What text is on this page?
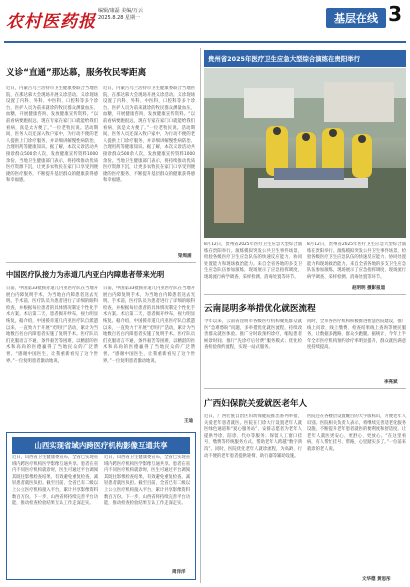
农村医药报
编辑/康磊 美编/万云
2025.8.28 星期一	基层在线 3
义诊“直通”那达慕，服务牧民零距离
近日，内蒙古乌兰浩特市卫生健康委联合当地医院，在那达慕大会现场开展义诊活动。义诊现场设置了内科、外科、中医科、口腔科等多个诊台，医护人员为前来就诊的牧民群众测量血压、血糖，开展健康咨询，发放健康宣传资料。“以前看病要跑很远，现在专家在家门口就能给我们看病，真是太方便了。”一位老牧民说。活动期间，医务人员还深入牧户家中，为行动不便的老人提供上门诊疗服务，并详细讲解慢性病防治、合理用药等健康知识。据了解，本次义诊活动共接诊群众500余人次，发放健康宣传资料1000余份。当地卫生健康部门表示，将持续推动优质医疗资源下沉，让更多农牧民在家门口享受到便捷的医疗服务，不断提升基层群众的健康获得感和幸福感。
近日，内蒙古乌兰浩特市卫生健康委联合当地医院，在那达慕大会现场开展义诊活动。义诊现场设置了内科、外科、中医科、口腔科等多个诊台，医护人员为前来就诊的牧民群众测量血压、血糖，开展健康咨询，发放健康宣传资料。“以前看病要跑很远，现在专家在家门口就能给我们看病，真是太方便了。”一位老牧民说。活动期间，医务人员还深入牧户家中，为行动不便的老人提供上门诊疗服务，并详细讲解慢性病防治、合理用药等健康知识。据了解，本次义诊活动共接诊群众500余人次，发放健康宣传资料1000余份。当地卫生健康部门表示，将持续推动优质医疗资源下沉，让更多农牧民在家门口享受到便捷的医疗服务，不断提升基层群众的健康获得感和幸福感。
梁周浦
中国医疗队接力为赤道几内亚白内障患者带来光明
日前，中国第33批援赤道几内亚医疗队在当地开展白内障复明手术，为当地白内障患者送去光明。手术前，医疗队员为患者进行了详细的眼科检查，并根据每位患者的具体情况制定个性化手术方案。术后第二天，患者揭开纱布，视力明显恢复。据介绍，中国援赤道几内亚医疗队自派遣以来，一直致力于开展“光明行”活动，累计为当地数百名白内障患者实施了复明手术。医疗队员们克服语言不通、条件艰苦等困难，以精湛的医术和高尚的医德赢得了当地民众的广泛赞誉。“感谢中国医生，让我重新看见了这个世界。”一位复明患者激动地说。
日前，中国第33批援赤道几内亚医疗队在当地开展白内障复明手术，为当地白内障患者送去光明。手术前，医疗队员为患者进行了详细的眼科检查，并根据每位患者的具体情况制定个性化手术方案。术后第二天，患者揭开纱布，视力明显恢复。据介绍，中国援赤道几内亚医疗队自派遣以来，一直致力于开展“光明行”活动，累计为当地数百名白内障患者实施了复明手术。医疗队员们克服语言不通、条件艰苦等困难，以精湛的医术和高尚的医德赢得了当地民众的广泛赞誉。“感谢中国医生，让我重新看见了这个世界。”一位复明患者激动地说。
王迪
山西实现省域内跨医疗机构影像互通共享
近日，山西省卫生健康委宣布，全省已实现省域内跨医疗机构医学影像互通共享。患者在省内不同医疗机构就诊时，医生可通过平台调阅其既往影像检查结果，有效避免重复检查，减轻患者就医负担。截至目前，全省已有二级以上公立医疗机构接入平台，累计共享影像资料数百万份。下一步，山西省将持续完善平台功能，推动检查检验结果互认工作走深走实。
近日，山西省卫生健康委宣布，全省已实现省域内跨医疗机构医学影像互通共享。患者在省内不同医疗机构就诊时，医生可通过平台调阅其既往影像检查结果，有效避免重复检查，减轻患者就医负担。截至目前，全省已有二级以上公立医疗机构接入平台，累计共享影像资料数百万份。下一步，山西省将持续完善平台功能，推动检查检验结果互认工作走深走实。
周洋洋
贵州省2025年医疗卫生应急大型综合演练在贵阳举行
8月12日，贵州省2025年医疗卫生应急大型综合演练在贵阳举行。演练模拟突发公共卫生事件场景，检验各级医疗卫生应急队伍的快速反应能力、协同处置能力和现场救治能力。来自全省各地的多支卫生应急队伍参加演练，现场展示了应急指挥调度、现场流行病学调查、采样检测、消毒处置等环节。
8月12日，贵州省2025年医疗卫生应急大型综合演练在贵阳举行。演练模拟突发公共卫生事件场景，检验各级医疗卫生应急队伍的快速反应能力、协同处置能力和现场救治能力。来自全省各地的多支卫生应急队伍参加演练，现场展示了应急指挥调度、现场流行病学调查、采样检测、消毒处置等环节。
赵明明 摄影报道
云南昆明多举措优化就医流程
今年以来，云南省昆明市各级医疗机构聚焦群众就医“急难愁盼”问题，多举措优化就医流程，持续改善群众就医体验。推广分时段预约诊疗，缩短患者候诊时间；推行“先诊疗后付费”服务模式；优化检查检验预约流程，实现一站式服务。
同时，全市各医疗机构积极推进智慧医院建设，推广线上问诊、线上缴费、检查结果线上查询等便民服务，让数据多跑路、群众少跑腿。据统计，今年上半年全市医疗机构预约诊疗率明显提升，群众就医满意度持续提高。
李亮斌
广西妇保院关爱就医老年人
近日，广西壮族自治区妇幼保健院推出系列举措，关爱老年患者就医。医院在门诊大厅设置老年人就医绿色通道和“爱心服务站”，安排志愿者为老年人提供导诊、陪诊、代办等服务；保留人工窗口挂号、缴费等传统服务方式，帮助老年人跨越“数字鸿沟”。同时，医院优化老年人就诊流程，为高龄、行动不便的老年患者提供轮椅、助行器等辅助设施。
医院还在各楼层设置醒目的大字版标识，方便老年人识别。医院相关负责人表示，将继续完善适老化服务设施，不断提升老年患者就医的便利度和舒适度，让老年人就医更安心、更舒心、更放心。“在这里看病，有人帮忙挂号、带路，心里踏实多了。”一位前来就诊的老人说。
文华德 黄思彤
